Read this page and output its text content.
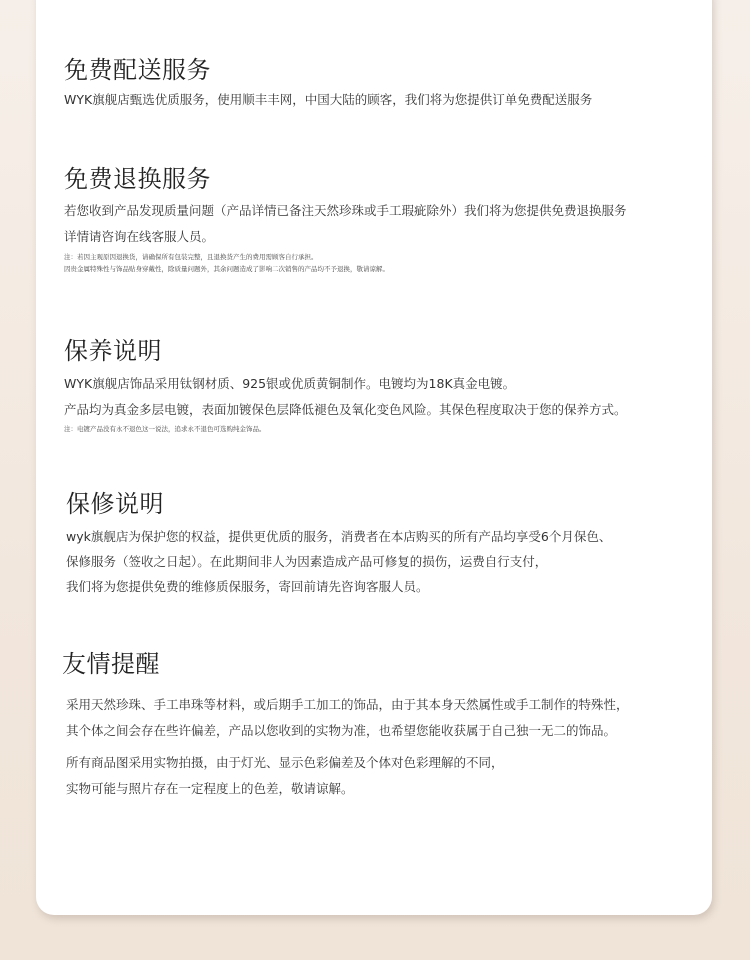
免费配送服务

WYK旗舰店甄选优质服务，使用顺丰丰网，中国大陆的顾客，我们将为您提供订单免费配送服务

免费退换服务

若您收到产品发现质量问题（产品详情已备注天然珍珠或手工瑕疵除外）我们将为您提供免费退换服务

详情请咨询在线客服人员。

注：若因主观原因退换货，请确保所有包装完整，且退换货产生的费用需顾客自行承担。

因贵金属特殊性与饰品贴身穿戴性，除质量问题外，其余问题造成了影响二次销售的产品均不予退换，敬请谅解。

保养说明

WYK旗舰店饰品采用钛钢材质、925银或优质黄铜制作。电镀均为18K真金电镀。

产品均为真金多层电镀，表面加镀保色层降低褪色及氧化变色风险。其保色程度取决于您的保养方式。

注：电镀产品没有永不退色这一说法，追求永不退色可选购纯金饰品。

保修说明

wyk旗舰店为保护您的权益，提供更优质的服务，消费者在本店购买的所有产品均享受6个月保色、

保修服务（签收之日起）。在此期间非人为因素造成产品可修复的损伤，运费自行支付，

我们将为您提供免费的维修质保服务，寄回前请先咨询客服人员。

友情提醒

采用天然珍珠、手工串珠等材料，或后期手工加工的饰品，由于其本身天然属性或手工制作的特殊性，

其个体之间会存在些许偏差，产品以您收到的实物为准，也希望您能收获属于自己独一无二的饰品。

所有商品图采用实物拍摄，由于灯光、显示色彩偏差及个体对色彩理解的不同，

实物可能与照片存在一定程度上的色差，敬请谅解。
